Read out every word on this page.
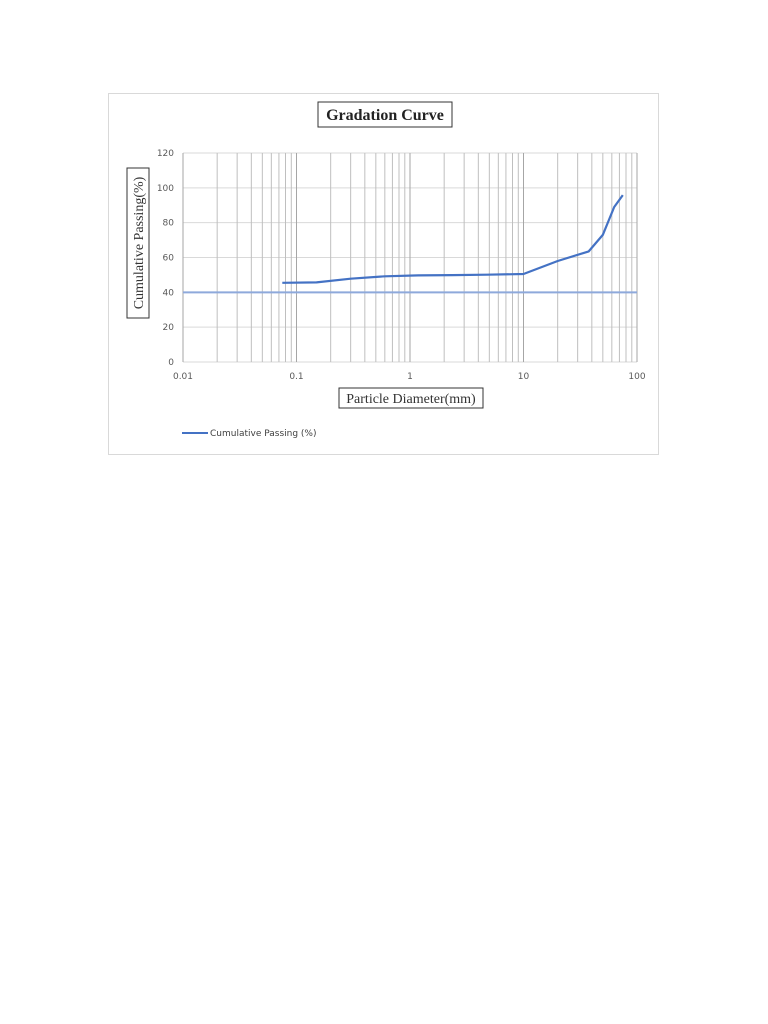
0
20
40
60
80
100
120
0.01	0.1	1	10	100
Gradation Curve
Cumulative Passing(%)
Particle Diameter(mm)
Cumulative Passing (%)
